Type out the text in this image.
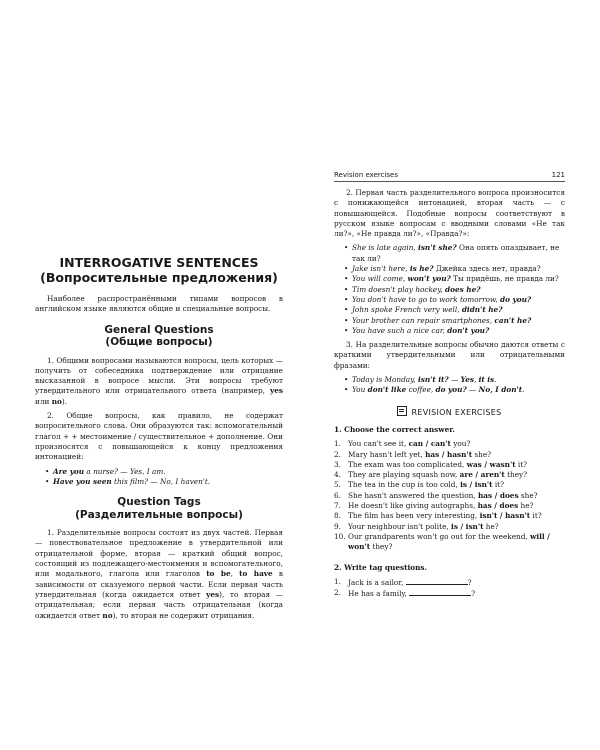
INTERROGATIVE SENTENCES
(Вопросительные предложения)

Наиболее распространёнными типами вопросов в английском языке являются общие и специальные вопросы.

General Questions
(Общие вопросы)

1. Общими вопросами называются вопросы, цель которых — получить от собеседника подтверждение или отрицание высказанной в вопросе мысли. Эти вопросы требуют утвердительного или отрицательного ответа (например, yes или no).

2. Общие вопросы, как правило, не содержат вопросительного слова. Они образуются так: вспомогательный глагол + + местоимение / существительное + дополнение. Они произносятся с повышающейся к концу предложения интонацией:

• Are you a nurse? — Yes, I am.
• Have you seen this film? — No, I haven't.
Question Tags
(Разделительные вопросы)

1. Разделительные вопросы состоят из двух частей. Первая — повествовательное предложение в утвердительной или отрицательной форме, вторая — краткий общий вопрос, состоящий из подлежащего-местоимения и вспомогательного, или модального, глагола или глаголов to be, to have в зависимости от сказуемого первой части. Если первая часть утвердительная (когда ожидается ответ yes), то вторая — отрицательная; если первая часть отрицательная (когда ожидается ответ no), то вторая не содержит отрицания.

Revision exercises	121

2. Первая часть разделительного вопроса произносится с понижающейся интонацией, вторая часть — с повышающейся. Подобные вопросы соответствуют в русском языке вопросам с вводными словами «Не так ли?», «Не правда ли?», «Правда?»:

• She is late again, isn't she? Она опять опаздывает, не так ли?
• Jake isn't here, is he? Джейка здесь нет, правда?
• You will come, won't you? Ты придёшь, не правда ли?
• Tim doesn't play hockey, does he?
• You don't have to go to work tomorrow, do you?
• John spoke French very well, didn't he?
• Your brother can repair smartphones, can't he?
• You have such a nice car, don't you?

3. На разделительные вопросы обычно даются ответы с краткими утвердительными или отрицательными фразами:

• Today is Monday, isn't it? — Yes, it is.
• You don't like coffee, do you? — No, I don't.
REVISION EXERCISES
1. Choose the correct answer.
1. You can't see it, can / can't you?
2. Mary hasn't left yet, has / hasn't she?
3. The exam was too complicated, was / wasn't it?
4. They are playing squash now, are / aren't they?
5. The tea in the cup is too cold, is / isn't it?
6. She hasn't answered the question, has / does she?
7. He doesn't like giving autographs, has / does he?
8. The film has been very interesting, isn't / hasn't it?
9. Your neighbour isn't polite, is / isn't he?
10. Our grandparents won't go out for the weekend, will / won't they?
2. Write tag questions.
1. Jack is a sailor,	?
2. He has a family,	?
